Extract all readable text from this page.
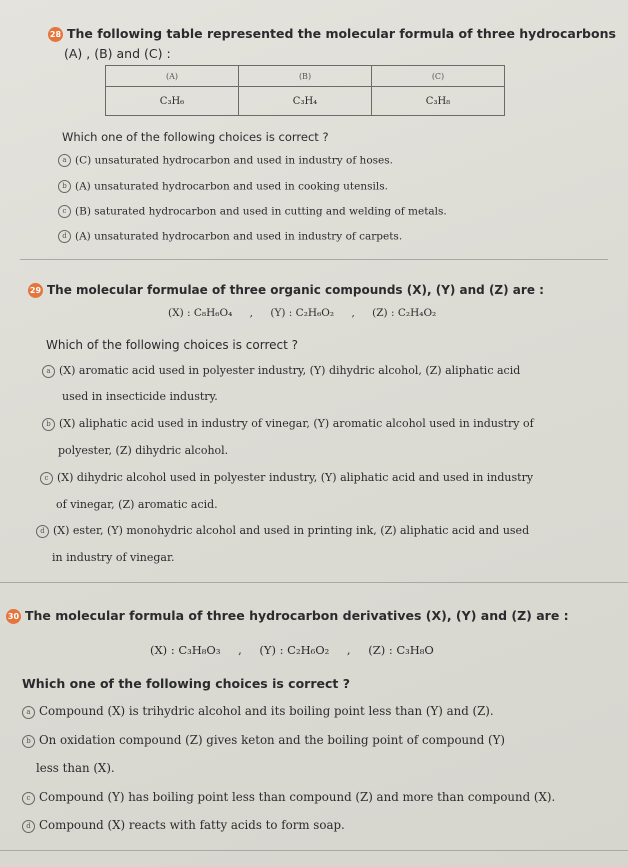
28 The following table represented the molecular formula of three hydrocarbons
(A) , (B) and (C) :
(A)	(B)	(C)
C₃H₆	C₃H₄	C₃H₈
Which one of the following choices is correct ?
a (C) unsaturated hydrocarbon and used in industry of hoses.
b (A) unsaturated hydrocarbon and used in cooking utensils.
c (B) saturated hydrocarbon and used in cutting and welding of metals.
d (A) unsaturated hydrocarbon and used in industry of carpets.
29 The molecular formulae of three organic compounds (X), (Y) and (Z) are :
(X) : C₈H₆O₄ , (Y) : C₂H₆O₂ , (Z) : C₂H₄O₂
Which of the following choices is correct ?
a (X) aromatic acid used in polyester industry, (Y) dihydric alcohol, (Z) aliphatic acid
used in insecticide industry.
b (X) aliphatic acid used in industry of vinegar, (Y) aromatic alcohol used in industry of
polyester, (Z) dihydric alcohol.
c (X) dihydric alcohol used in polyester industry, (Y) aliphatic acid and used in industry
of vinegar, (Z) aromatic acid.
d (X) ester, (Y) monohydric alcohol and used in printing ink, (Z) aliphatic acid and used
in industry of vinegar.
30 The molecular formula of three hydrocarbon derivatives (X), (Y) and (Z) are :
(X) : C₃H₈O₃ , (Y) : C₂H₆O₂ , (Z) : C₃H₈O
Which one of the following choices is correct ?
a Compound (X) is trihydric alcohol and its boiling point less than (Y) and (Z).
b On oxidation compound (Z) gives keton and the boiling point of compound (Y)
less than (X).
c Compound (Y) has boiling point less than compound (Z) and more than compound (X).
d Compound (X) reacts with fatty acids to form soap.
